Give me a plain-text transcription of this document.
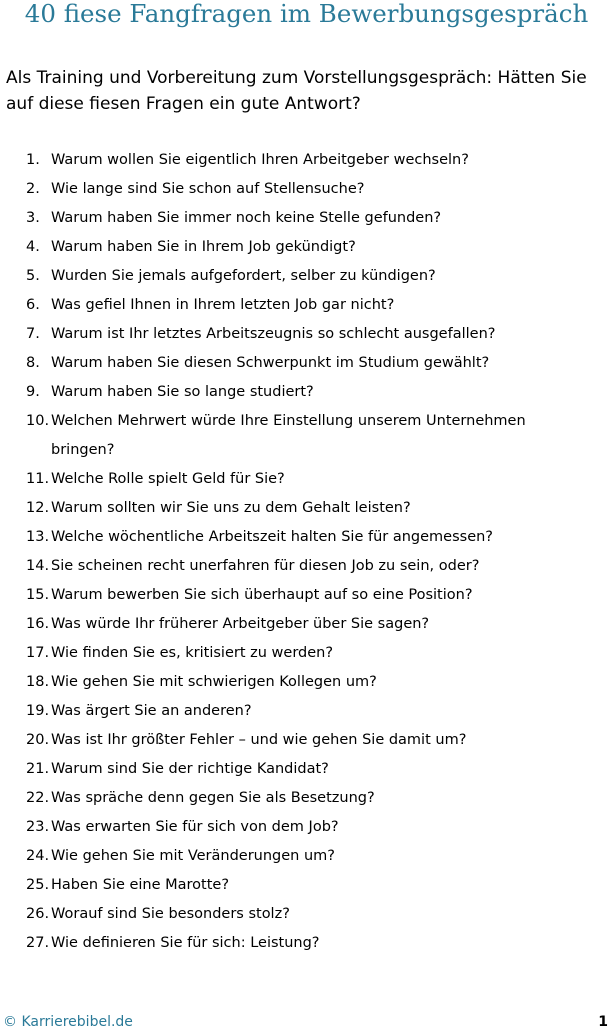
40 fiese Fangfragen im Bewerbungsgespräch
Als Training und Vorbereitung zum Vorstellungsgespräch: Hätten Sie auf diese fiesen Fragen ein gute Antwort?
1. Warum wollen Sie eigentlich Ihren Arbeitgeber wechseln?
2. Wie lange sind Sie schon auf Stellensuche?
3. Warum haben Sie immer noch keine Stelle gefunden?
4. Warum haben Sie in Ihrem Job gekündigt?
5. Wurden Sie jemals aufgefordert, selber zu kündigen?
6. Was gefiel Ihnen in Ihrem letzten Job gar nicht?
7. Warum ist Ihr letztes Arbeitszeugnis so schlecht ausgefallen?
8. Warum haben Sie diesen Schwerpunkt im Studium gewählt?
9. Warum haben Sie so lange studiert?
10. Welchen Mehrwert würde Ihre Einstellung unserem Unternehmen bringen?
11. Welche Rolle spielt Geld für Sie?
12. Warum sollten wir Sie uns zu dem Gehalt leisten?
13. Welche wöchentliche Arbeitszeit halten Sie für angemessen?
14. Sie scheinen recht unerfahren für diesen Job zu sein, oder?
15. Warum bewerben Sie sich überhaupt auf so eine Position?
16. Was würde Ihr früherer Arbeitgeber über Sie sagen?
17. Wie finden Sie es, kritisiert zu werden?
18. Wie gehen Sie mit schwierigen Kollegen um?
19. Was ärgert Sie an anderen?
20. Was ist Ihr größter Fehler – und wie gehen Sie damit um?
21. Warum sind Sie der richtige Kandidat?
22. Was spräche denn gegen Sie als Besetzung?
23. Was erwarten Sie für sich von dem Job?
24. Wie gehen Sie mit Veränderungen um?
25. Haben Sie eine Marotte?
26. Worauf sind Sie besonders stolz?
27. Wie definieren Sie für sich: Leistung?
© Karrierebibel.de	1
